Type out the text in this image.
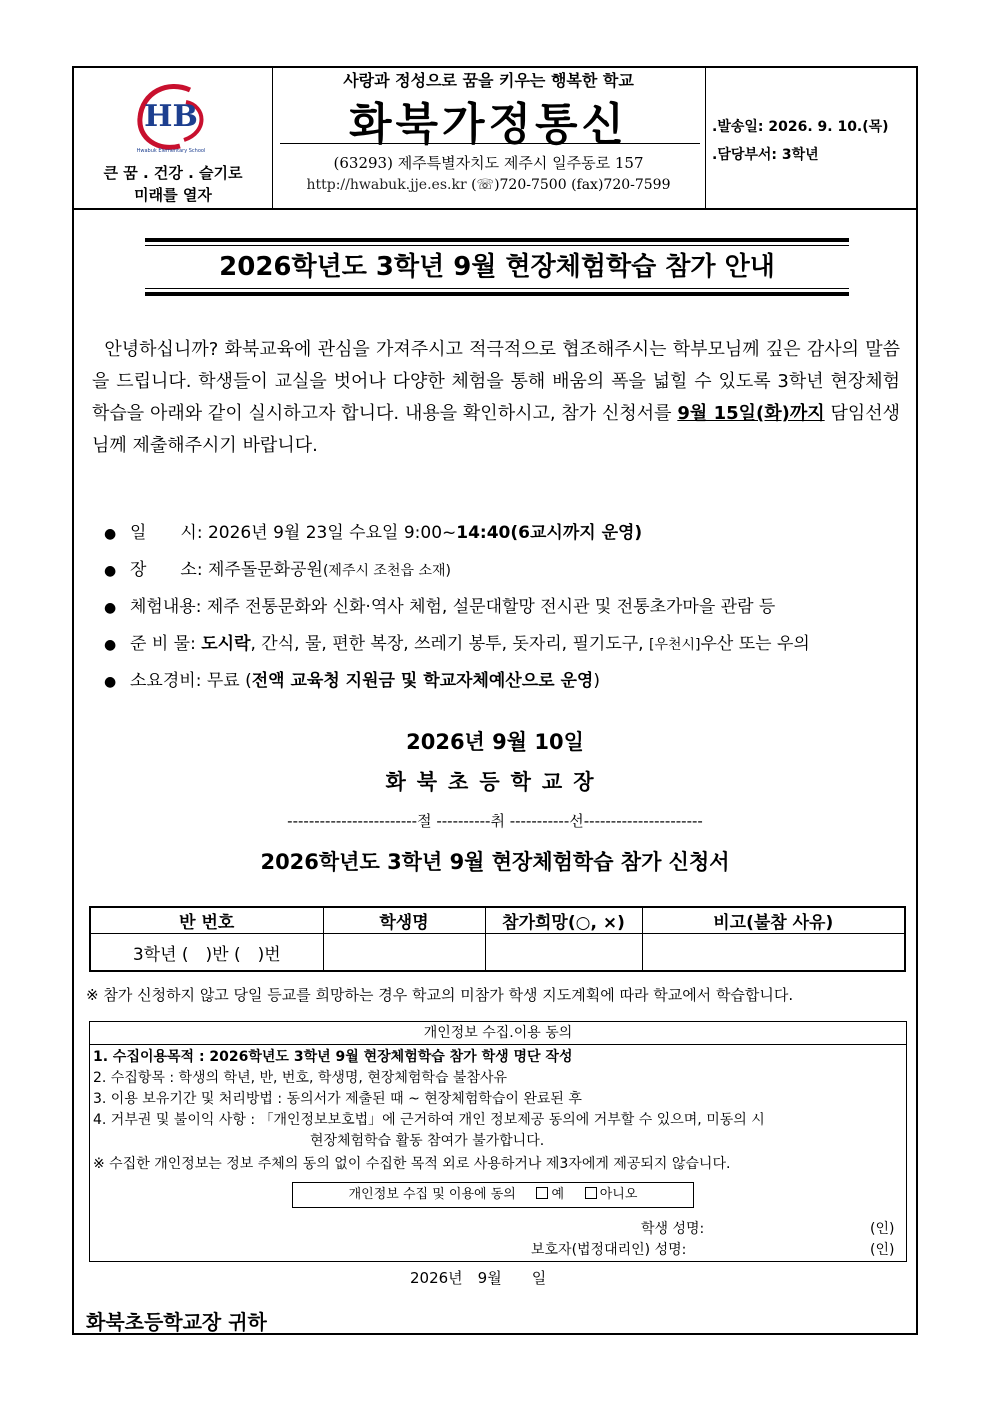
HB
Hwabuk Elementary School
큰 꿈 . 건강 . 슬기로
미래를 열자
사랑과 정성으로 꿈을 키우는 행복한 학교
화북가정통신
(63293) 제주특별자치도 제주시 일주동로 157
http://hwabuk.jje.es.kr (☏)720-7500 (fax)720-7599
.발송일: 2026. 9. 10.(목)
.담당부서: 3학년
2026학년도 3학년 9월 현장체험학습 참가 안내
안녕하십니까? 화북교육에 관심을 가져주시고 적극적으로 협조해주시는 학부모님께 깊은 감사의 말씀을 드립니다. 학생들이 교실을 벗어나 다양한 체험을 통해 배움의 폭을 넓힐 수 있도록 3학년 현장체험학습을 아래와 같이 실시하고자 합니다. 내용을 확인하시고, 참가 신청서를 9월 15일(화)까지 담임선생님께 제출해주시기 바랍니다.
● 일　　시: 2026년 9월 23일 수요일 9:00~14:40(6교시까지 운영)
● 장　　소: 제주돌문화공원(제주시 조천읍 소재)
● 체험내용: 제주 전통문화와 신화·역사 체험, 설문대할망 전시관 및 전통초가마을 관람 등
● 준 비 물: 도시락, 간식, 물, 편한 복장, 쓰레기 봉투, 돗자리, 필기도구, [우천시]우산 또는 우의
● 소요경비: 무료 (전액 교육청 지원금 및 학교자체예산으로 운영)
2026년 9월 10일
화북초등학교장
------------------------절 ----------취 -----------선----------------------
2026학년도 3학년 9월 현장체험학습 참가 신청서
반 번호	학생명	참가희망(○, ×)	비고(불참 사유)
3학년 (　)반 (　)번			
※ 참가 신청하지 않고 당일 등교를 희망하는 경우 학교의 미참가 학생 지도계획에 따라 학교에서 학습합니다.
개인정보 수집.이용 동의
1. 수집이용목적 : 2026학년도 3학년 9월 현장체험학습 참가 학생 명단 작성
2. 수집항목 : 학생의 학년, 반, 번호, 학생명, 현장체험학습 불참사유
3. 이용 보유기간 및 처리방법 : 동의서가 제출된 때 ~ 현장체험학습이 완료된 후
4. 거부권 및 불이익 사항 : 「개인정보보호법」에 근거하여 개인 정보제공 동의에 거부할 수 있으며, 미동의 시
현장체험학습 활동 참여가 불가합니다.
※ 수집한 개인정보는 정보 주체의 동의 없이 수집한 목적 외로 사용하거나 제3자에게 제공되지 않습니다.
개인정보 수집 및 이용에 동의	예	아니오
학생 성명:	(인)
보호자(법정대리인) 성명:	(인)
2026년　9월　　일
화북초등학교장 귀하
